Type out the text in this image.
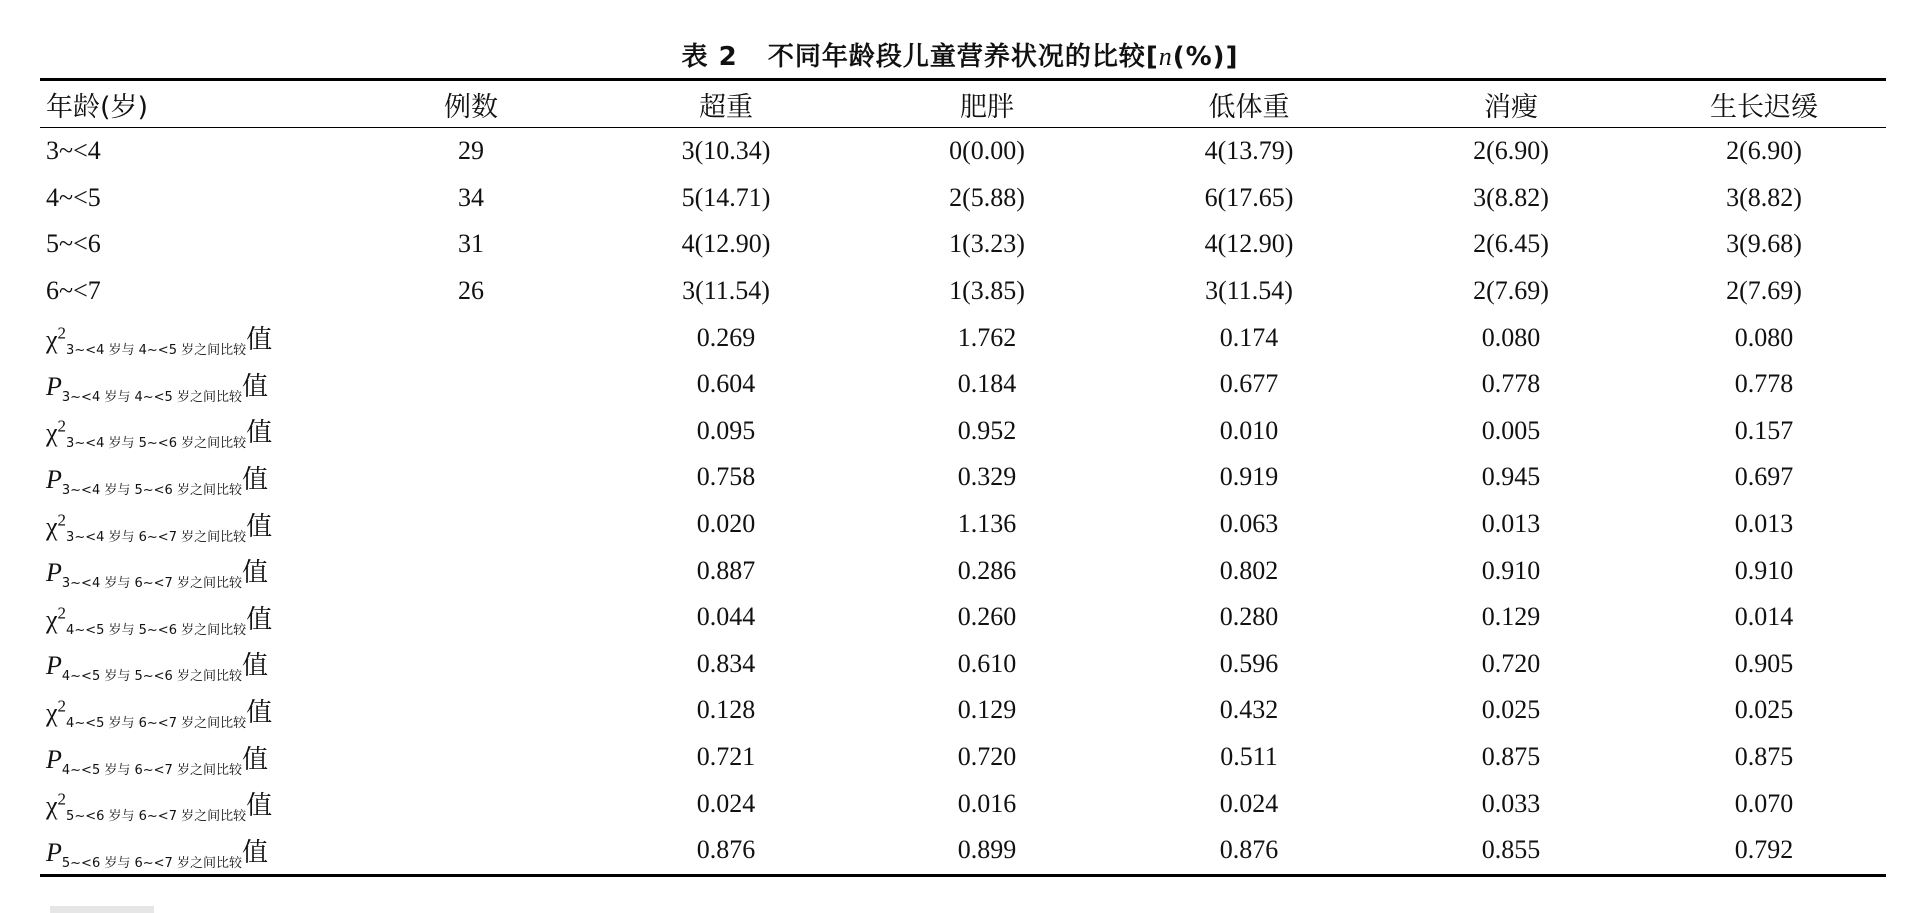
表 2 不同年龄段儿童营养状况的比较[n(%)]
年龄(岁)	例数	超重	肥胖	低体重	消瘦	生长迟缓
3~<4	29	3(10.34)	0(0.00)	4(13.79)	2(6.90)	2(6.90)
4~<5	34	5(14.71)	2(5.88)	6(17.65)	3(8.82)	3(8.82)
5~<6	31	4(12.90)	1(3.23)	4(12.90)	2(6.45)	3(9.68)
6~<7	26	3(11.54)	1(3.85)	3(11.54)	2(7.69)	2(7.69)
$\chi^2_{3\sim<4 岁与 4\sim<5 岁之间比较}$值		0.269	1.762	0.174	0.080	0.080
$P_{3\sim<4 岁与 4\sim<5 岁之间比较}$值		0.604	0.184	0.677	0.778	0.778
$\chi^2_{3\sim<4 岁与 5\sim<6 岁之间比较}$值		0.095	0.952	0.010	0.005	0.157
$P_{3\sim<4 岁与 5\sim<6 岁之间比较}$值		0.758	0.329	0.919	0.945	0.697
$\chi^2_{3\sim<4 岁与 6\sim<7 岁之间比较}$值		0.020	1.136	0.063	0.013	0.013
$P_{3\sim<4 岁与 6\sim<7 岁之间比较}$值		0.887	0.286	0.802	0.910	0.910
$\chi^2_{4\sim<5 岁与 5\sim<6 岁之间比较}$值		0.044	0.260	0.280	0.129	0.014
$P_{4\sim<5 岁与 5\sim<6 岁之间比较}$值		0.834	0.610	0.596	0.720	0.905
$\chi^2_{4\sim<5 岁与 6\sim<7 岁之间比较}$值		0.128	0.129	0.432	0.025	0.025
$P_{4\sim<5 岁与 6\sim<7 岁之间比较}$值		0.721	0.720	0.511	0.875	0.875
$\chi^2_{5\sim<6 岁与 6\sim<7 岁之间比较}$值		0.024	0.016	0.024	0.033	0.070
$P_{5\sim<6 岁与 6\sim<7 岁之间比较}$值		0.876	0.899	0.876	0.855	0.792
